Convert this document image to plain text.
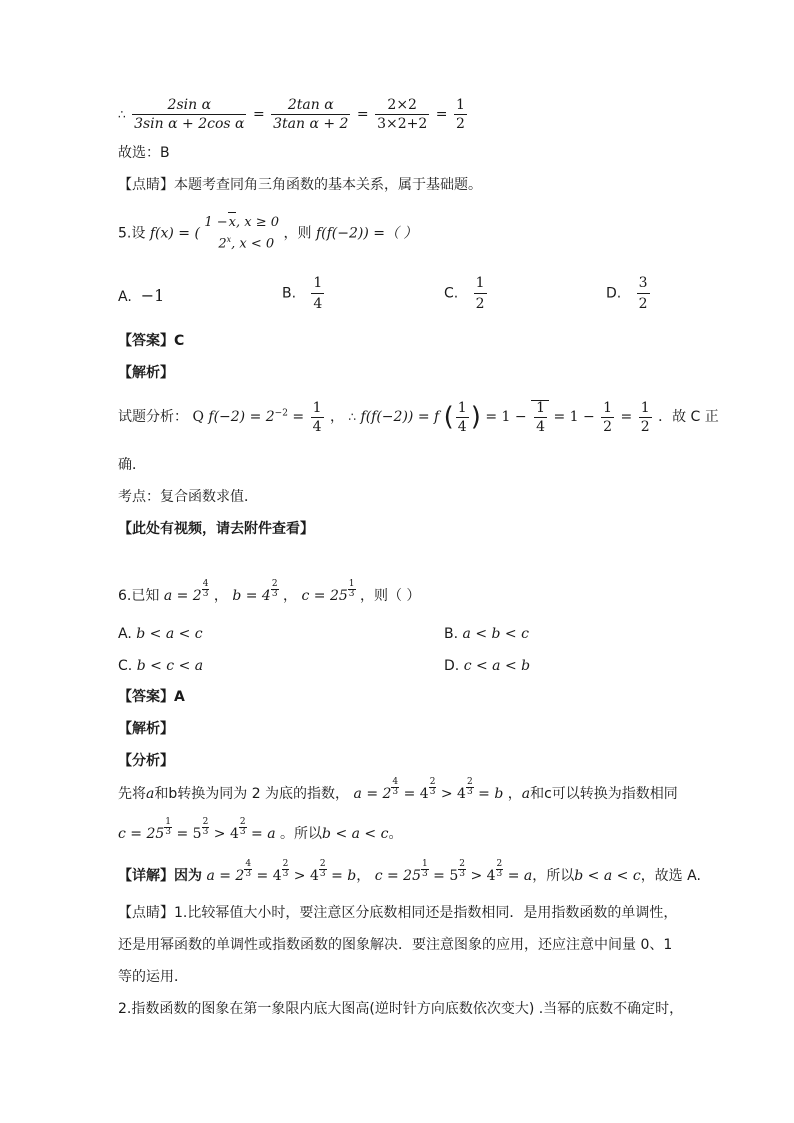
∴ $\frac{\text{2sin α}}{\text{3sin α + 2cos α}} = \frac{\text{2tan α}}{\text{3tan α + 2}} = \frac{2\times 2}{3\times 2+2} = \frac{1}{2}$
故选：B
【点睛】本题考查同角三角函数的基本关系，属于基础题。
5.设 f(x) = (
1 −x, x ≥ 0
2$^x$, x < 0
，则 f(f(−2)) =（ ）
A. −1	B. $\frac{1}{4}$	C. $\frac{1}{2}$	D. $\frac{3}{2}$
【答案】C
【解析】
试题分析： Q $f(-2) = 2^{-2} = \frac{1}{4}$ ， ∴ f(f(−2)) = f ( $\frac{1}{4}$ ) = $1 - \frac{1}{4} = 1 - \frac{1}{2} = \frac{1}{2}$ ．故 C 正
确．
考点：复合函数求值．
【此处有视频，请去附件查看】
6.已知 a = 2 $^{\frac{4}{3}}$ ， b = 4 $^{\frac{2}{3}}$ ， c = 25 $^{\frac{1}{3}}$ ，则（ ）
A. b < a < c	B. a < b < c
C. b < c < a	D. c < a < b
【答案】A
【解析】
【分析】
先将a和b转换为同为 2 为底的指数， a = 2 $^{\frac{4}{3}}$ = 4 $^{\frac{2}{3}}$ > 4 $^{\frac{2}{3}}$ = b ，a和c可以转换为指数相同
c = 25 $^{\frac{1}{3}}$ = 5 $^{\frac{2}{3}}$ > 4 $^{\frac{2}{3}}$ = a 。所以b < a < c。
【详解】因为 a = 2 $^{\frac{4}{3}}$ = 4 $^{\frac{2}{3}}$ > 4 $^{\frac{2}{3}}$ = b， c = 25 $^{\frac{1}{3}}$ = 5 $^{\frac{2}{3}}$ > 4 $^{\frac{2}{3}}$ = a，所以b < a < c，故选 A.
【点睛】1.比较幂值大小时，要注意区分底数相同还是指数相同．是用指数函数的单调性，
还是用幂函数的单调性或指数函数的图象解决．要注意图象的应用，还应注意中间量 0、1
等的运用．
2.指数函数的图象在第一象限内底大图高(逆时针方向底数依次变大) .当幂的底数不确定时，
